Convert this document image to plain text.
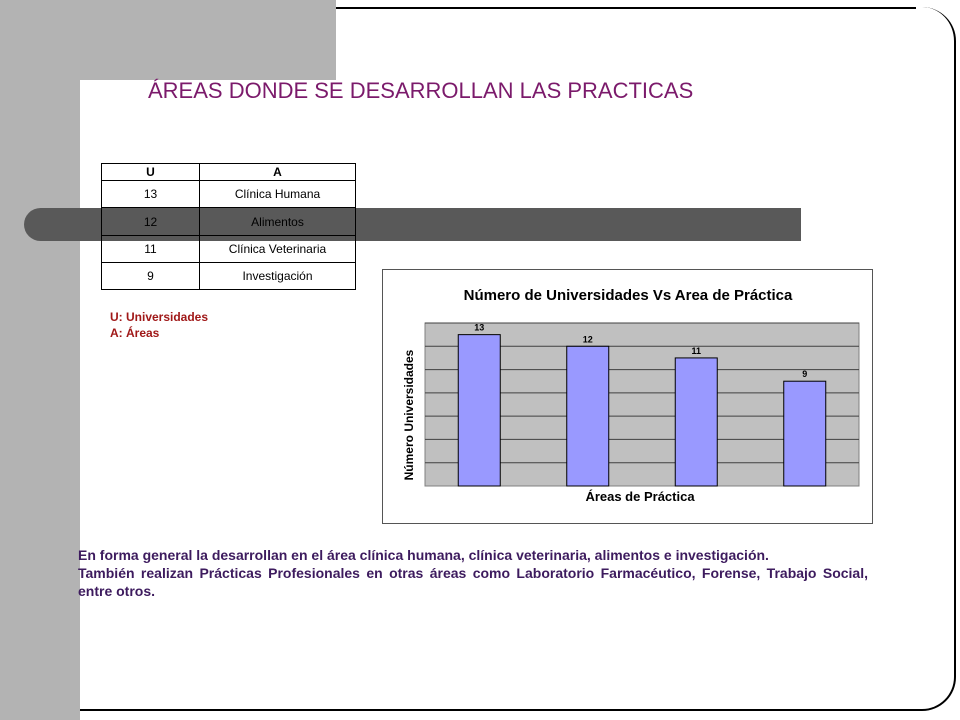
ÁREAS DONDE SE DESARROLLAN LAS PRACTICAS
U	A
13	Clínica Humana
12	Alimentos
11	Clínica Veterinaria
9	Investigación
U: Universidades
A: Áreas
Número de Universidades Vs Area de Práctica
Áreas de Práctica
Número Universidades
13
12
11
9
En forma general la desarrollan en el área clínica humana, clínica veterinaria, alimentos e investigación.
También realizan Prácticas Profesionales en otras áreas como Laboratorio Farmacéutico, Forense, Trabajo Social, entre otros.
